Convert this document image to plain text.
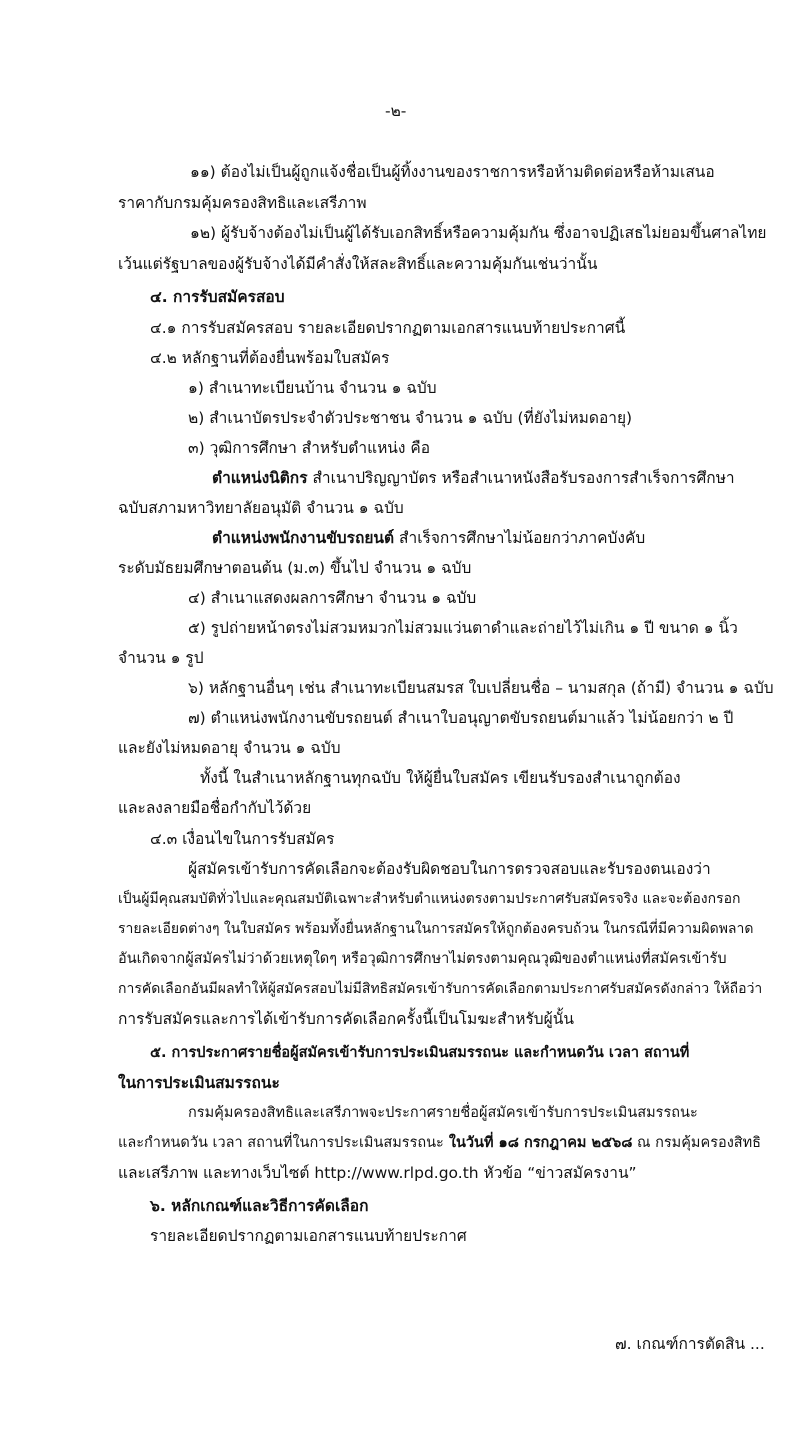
-๒-
๑๑) ต้องไม่เป็นผู้ถูกแจ้งชื่อเป็นผู้ทิ้งงานของราชการหรือห้ามติดต่อหรือห้ามเสนอ
ราคากับกรมคุ้มครองสิทธิและเสรีภาพ
๑๒) ผู้รับจ้างต้องไม่เป็นผู้ได้รับเอกสิทธิ์หรือความคุ้มกัน ซึ่งอาจปฏิเสธไม่ยอมขึ้นศาลไทย
เว้นแต่รัฐบาลของผู้รับจ้างได้มีคำสั่งให้สละสิทธิ์และความคุ้มกันเช่นว่านั้น
๔. การรับสมัครสอบ
๔.๑ การรับสมัครสอบ รายละเอียดปรากฏตามเอกสารแนบท้ายประกาศนี้
๔.๒ หลักฐานที่ต้องยื่นพร้อมใบสมัคร
๑) สำเนาทะเบียนบ้าน จำนวน ๑ ฉบับ
๒) สำเนาบัตรประจำตัวประชาชน จำนวน ๑ ฉบับ (ที่ยังไม่หมดอายุ)
๓) วุฒิการศึกษา สำหรับตำแหน่ง คือ
ตำแหน่งนิติกร สำเนาปริญญาบัตร หรือสำเนาหนังสือรับรองการสำเร็จการศึกษา
ฉบับสภามหาวิทยาลัยอนุมัติ จำนวน ๑ ฉบับ
ตำแหน่งพนักงานขับรถยนต์ สำเร็จการศึกษาไม่น้อยกว่าภาคบังคับ
ระดับมัธยมศึกษาตอนต้น (ม.๓) ขึ้นไป จำนวน ๑ ฉบับ
๔) สำเนาแสดงผลการศึกษา จำนวน ๑ ฉบับ
๕) รูปถ่ายหน้าตรงไม่สวมหมวกไม่สวมแว่นตาดำและถ่ายไว้ไม่เกิน ๑ ปี ขนาด ๑ นิ้ว
จำนวน ๑ รูป
๖) หลักฐานอื่นๆ เช่น สำเนาทะเบียนสมรส ใบเปลี่ยนชื่อ – นามสกุล (ถ้ามี) จำนวน ๑ ฉบับ
๗) ตำแหน่งพนักงานขับรถยนต์ สำเนาใบอนุญาตขับรถยนต์มาแล้ว ไม่น้อยกว่า ๒ ปี
และยังไม่หมดอายุ จำนวน ๑ ฉบับ
ทั้งนี้ ในสำเนาหลักฐานทุกฉบับ ให้ผู้ยื่นใบสมัคร เขียนรับรองสำเนาถูกต้อง
และลงลายมือชื่อกำกับไว้ด้วย
๔.๓ เงื่อนไขในการรับสมัคร
ผู้สมัครเข้ารับการคัดเลือกจะต้องรับผิดชอบในการตรวจสอบและรับรองตนเองว่า
เป็นผู้มีคุณสมบัติทั่วไปและคุณสมบัติเฉพาะสำหรับตำแหน่งตรงตามประกาศรับสมัครจริง และจะต้องกรอก
รายละเอียดต่างๆ ในใบสมัคร พร้อมทั้งยื่นหลักฐานในการสมัครให้ถูกต้องครบถ้วน ในกรณีที่มีความผิดพลาด
อันเกิดจากผู้สมัครไม่ว่าด้วยเหตุใดๆ หรือวุฒิการศึกษาไม่ตรงตามคุณวุฒิของตำแหน่งที่สมัครเข้ารับ
การคัดเลือกอันมีผลทำให้ผู้สมัครสอบไม่มีสิทธิสมัครเข้ารับการคัดเลือกตามประกาศรับสมัครดังกล่าว ให้ถือว่า
การรับสมัครและการได้เข้ารับการคัดเลือกครั้งนี้เป็นโมฆะสำหรับผู้นั้น
๕. การประกาศรายชื่อผู้สมัครเข้ารับการประเมินสมรรถนะ และกำหนดวัน เวลา สถานที่
ในการประเมินสมรรถนะ
กรมคุ้มครองสิทธิและเสรีภาพจะประกาศรายชื่อผู้สมัครเข้ารับการประเมินสมรรถนะ
และกำหนดวัน เวลา สถานที่ในการประเมินสมรรถนะ ในวันที่ ๑๘ กรกฎาคม ๒๕๖๘ ณ กรมคุ้มครองสิทธิ
และเสรีภาพ และทางเว็บไซต์ http://www.rlpd.go.th หัวข้อ “ข่าวสมัครงาน”
๖. หลักเกณฑ์และวิธีการคัดเลือก
รายละเอียดปรากฏตามเอกสารแนบท้ายประกาศ
๗. เกณฑ์การตัดสิน ...
